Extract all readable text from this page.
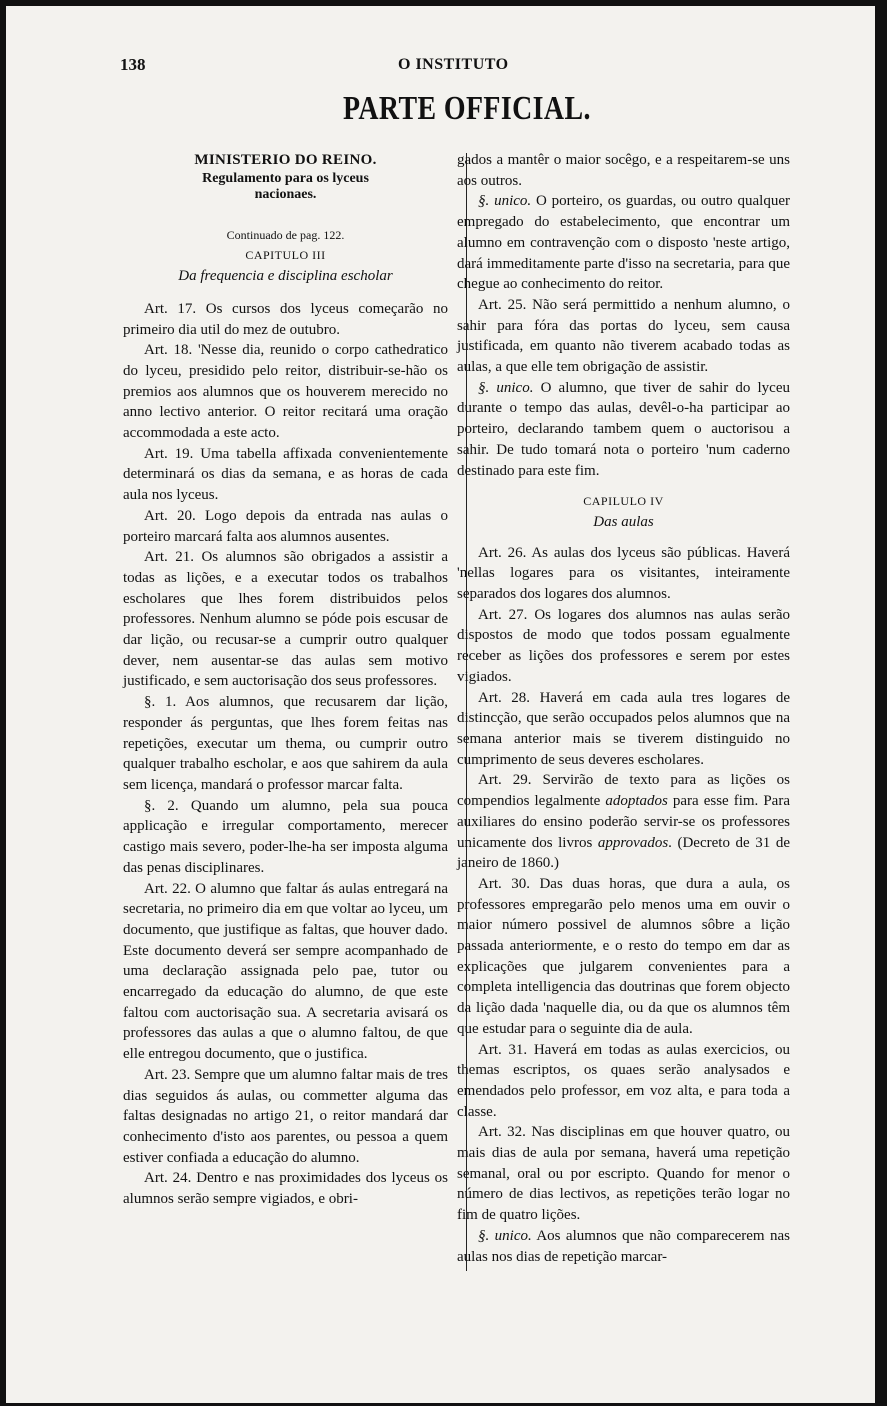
138	O INSTITUTO
PARTE OFFICIAL.

MINISTERIO DO REINO.

Regulamento para os lyceus nacionaes.

Continuado de pag. 122.

CAPITULO III

Da frequencia e disciplina escholar

Art. 17. Os cursos dos lyceus começarão no primeiro dia util do mez de outubro.

Art. 18. 'Nesse dia, reunido o corpo cathedratico do lyceu, presidido pelo reitor, distribuir-se-hão os premios aos alumnos que os houverem merecido no anno lectivo anterior. O reitor recitará uma oração accommodada a este acto.

Art. 19. Uma tabella affixada convenientemente determinará os dias da semana, e as horas de cada aula nos lyceus.

Art. 20. Logo depois da entrada nas aulas o porteiro marcará falta aos alumnos ausentes.

Art. 21. Os alumnos são obrigados a assistir a todas as lições, e a executar todos os trabalhos escholares que lhes forem distribuidos pelos professores. Nenhum alumno se póde pois escusar de dar lição, ou recusar-se a cumprir outro qualquer dever, nem ausentar-se das aulas sem motivo justificado, e sem auctorisação dos seus professores.

§. 1. Aos alumnos, que recusarem dar lição, responder ás perguntas, que lhes forem feitas nas repetições, executar um thema, ou cumprir outro qualquer trabalho escholar, e aos que sahirem da aula sem licença, mandará o professor marcar falta.

§. 2. Quando um alumno, pela sua pouca applicação e irregular comportamento, merecer castigo mais severo, poder-lhe-ha ser imposta alguma das penas disciplinares.

Art. 22. O alumno que faltar ás aulas entregará na secretaria, no primeiro dia em que voltar ao lyceu, um documento, que justifique as faltas, que houver dado. Este documento deverá ser sempre acompanhado de uma declaração assignada pelo pae, tutor ou encarregado da educação do alumno, de que este faltou com auctorisação sua. A secretaria avisará os professores das aulas a que o alumno faltou, de que elle entregou documento, que o justifica.

Art. 23. Sempre que um alumno faltar mais de tres dias seguidos ás aulas, ou commetter alguma das faltas designadas no artigo 21, o reitor mandará dar conhecimento d'isto aos parentes, ou pessoa a quem estiver confiada a educação do alumno.

Art. 24. Dentro e nas proximidades dos lyceus os alumnos serão sempre vigiados, e obri-

gados a mantêr o maior socêgo, e a respeitarem-se uns aos outros.

§. unico. O porteiro, os guardas, ou outro qualquer empregado do estabelecimento, que encontrar um alumno em contravenção com o disposto 'neste artigo, dará immeditamente parte d'isso na secretaria, para que chegue ao conhecimento do reitor.

Art. 25. Não será permittido a nenhum alumno, o sahir para fóra das portas do lyceu, sem causa justificada, em quanto não tiverem acabado todas as aulas, a que elle tem obrigação de assistir.

§. unico. O alumno, que tiver de sahir do lyceu durante o tempo das aulas, devêl-o-ha participar ao porteiro, declarando tambem quem o auctorisou a sahir. De tudo tomará nota o porteiro 'num caderno destinado para este fim.

CAPILULO IV

Das aulas

Art. 26. As aulas dos lyceus são públicas. Haverá 'nellas logares para os visitantes, inteiramente separados dos logares dos alumnos.

Art. 27. Os logares dos alumnos nas aulas serão dispostos de modo que todos possam egualmente receber as lições dos professores e serem por estes vigiados.

Art. 28. Haverá em cada aula tres logares de distincção, que serão occupados pelos alumnos que na semana anterior mais se tiverem distinguido no cumprimento de seus deveres escholares.

Art. 29. Servirão de texto para as lições os compendios legalmente adoptados para esse fim. Para auxiliares do ensino poderão servir-se os professores unicamente dos livros approvados. (Decreto de 31 de janeiro de 1860.)

Art. 30. Das duas horas, que dura a aula, os professores empregarão pelo menos uma em ouvir o maior número possivel de alumnos sôbre a lição passada anteriormente, e o resto do tempo em dar as explicações que julgarem convenientes para a completa intelligencia das doutrinas que forem objecto da lição dada 'naquelle dia, ou da que os alumnos têm que estudar para o seguinte dia de aula.

Art. 31. Haverá em todas as aulas exercicios, ou themas escriptos, os quaes serão analysados e emendados pelo professor, em voz alta, e para toda a classe.

Art. 32. Nas disciplinas em que houver quatro, ou mais dias de aula por semana, haverá uma repetição semanal, oral ou por escripto. Quando for menor o número de dias lectivos, as repetições terão logar no fim de quatro lições.

§. unico. Aos alumnos que não comparecerem nas aulas nos dias de repetição marcar-
